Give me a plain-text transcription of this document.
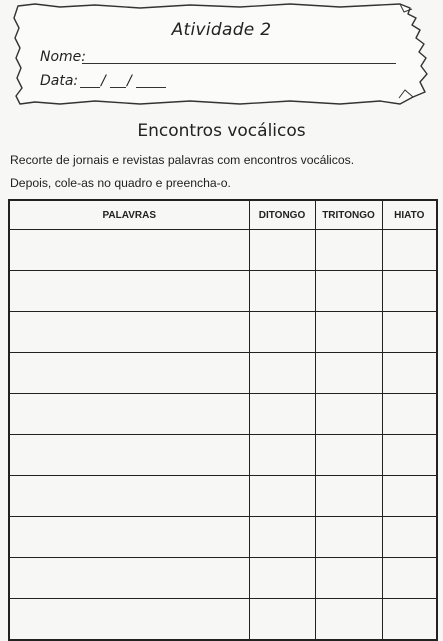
Atividade 2
Nome:
Data: / /
Encontros vocálicos
Recorte de jornais e revistas palavras com encontros vocálicos.
Depois, cole-as no quadro e preencha-o.
PALAVRAS	DITONGO	TRITONGO	HIATO
